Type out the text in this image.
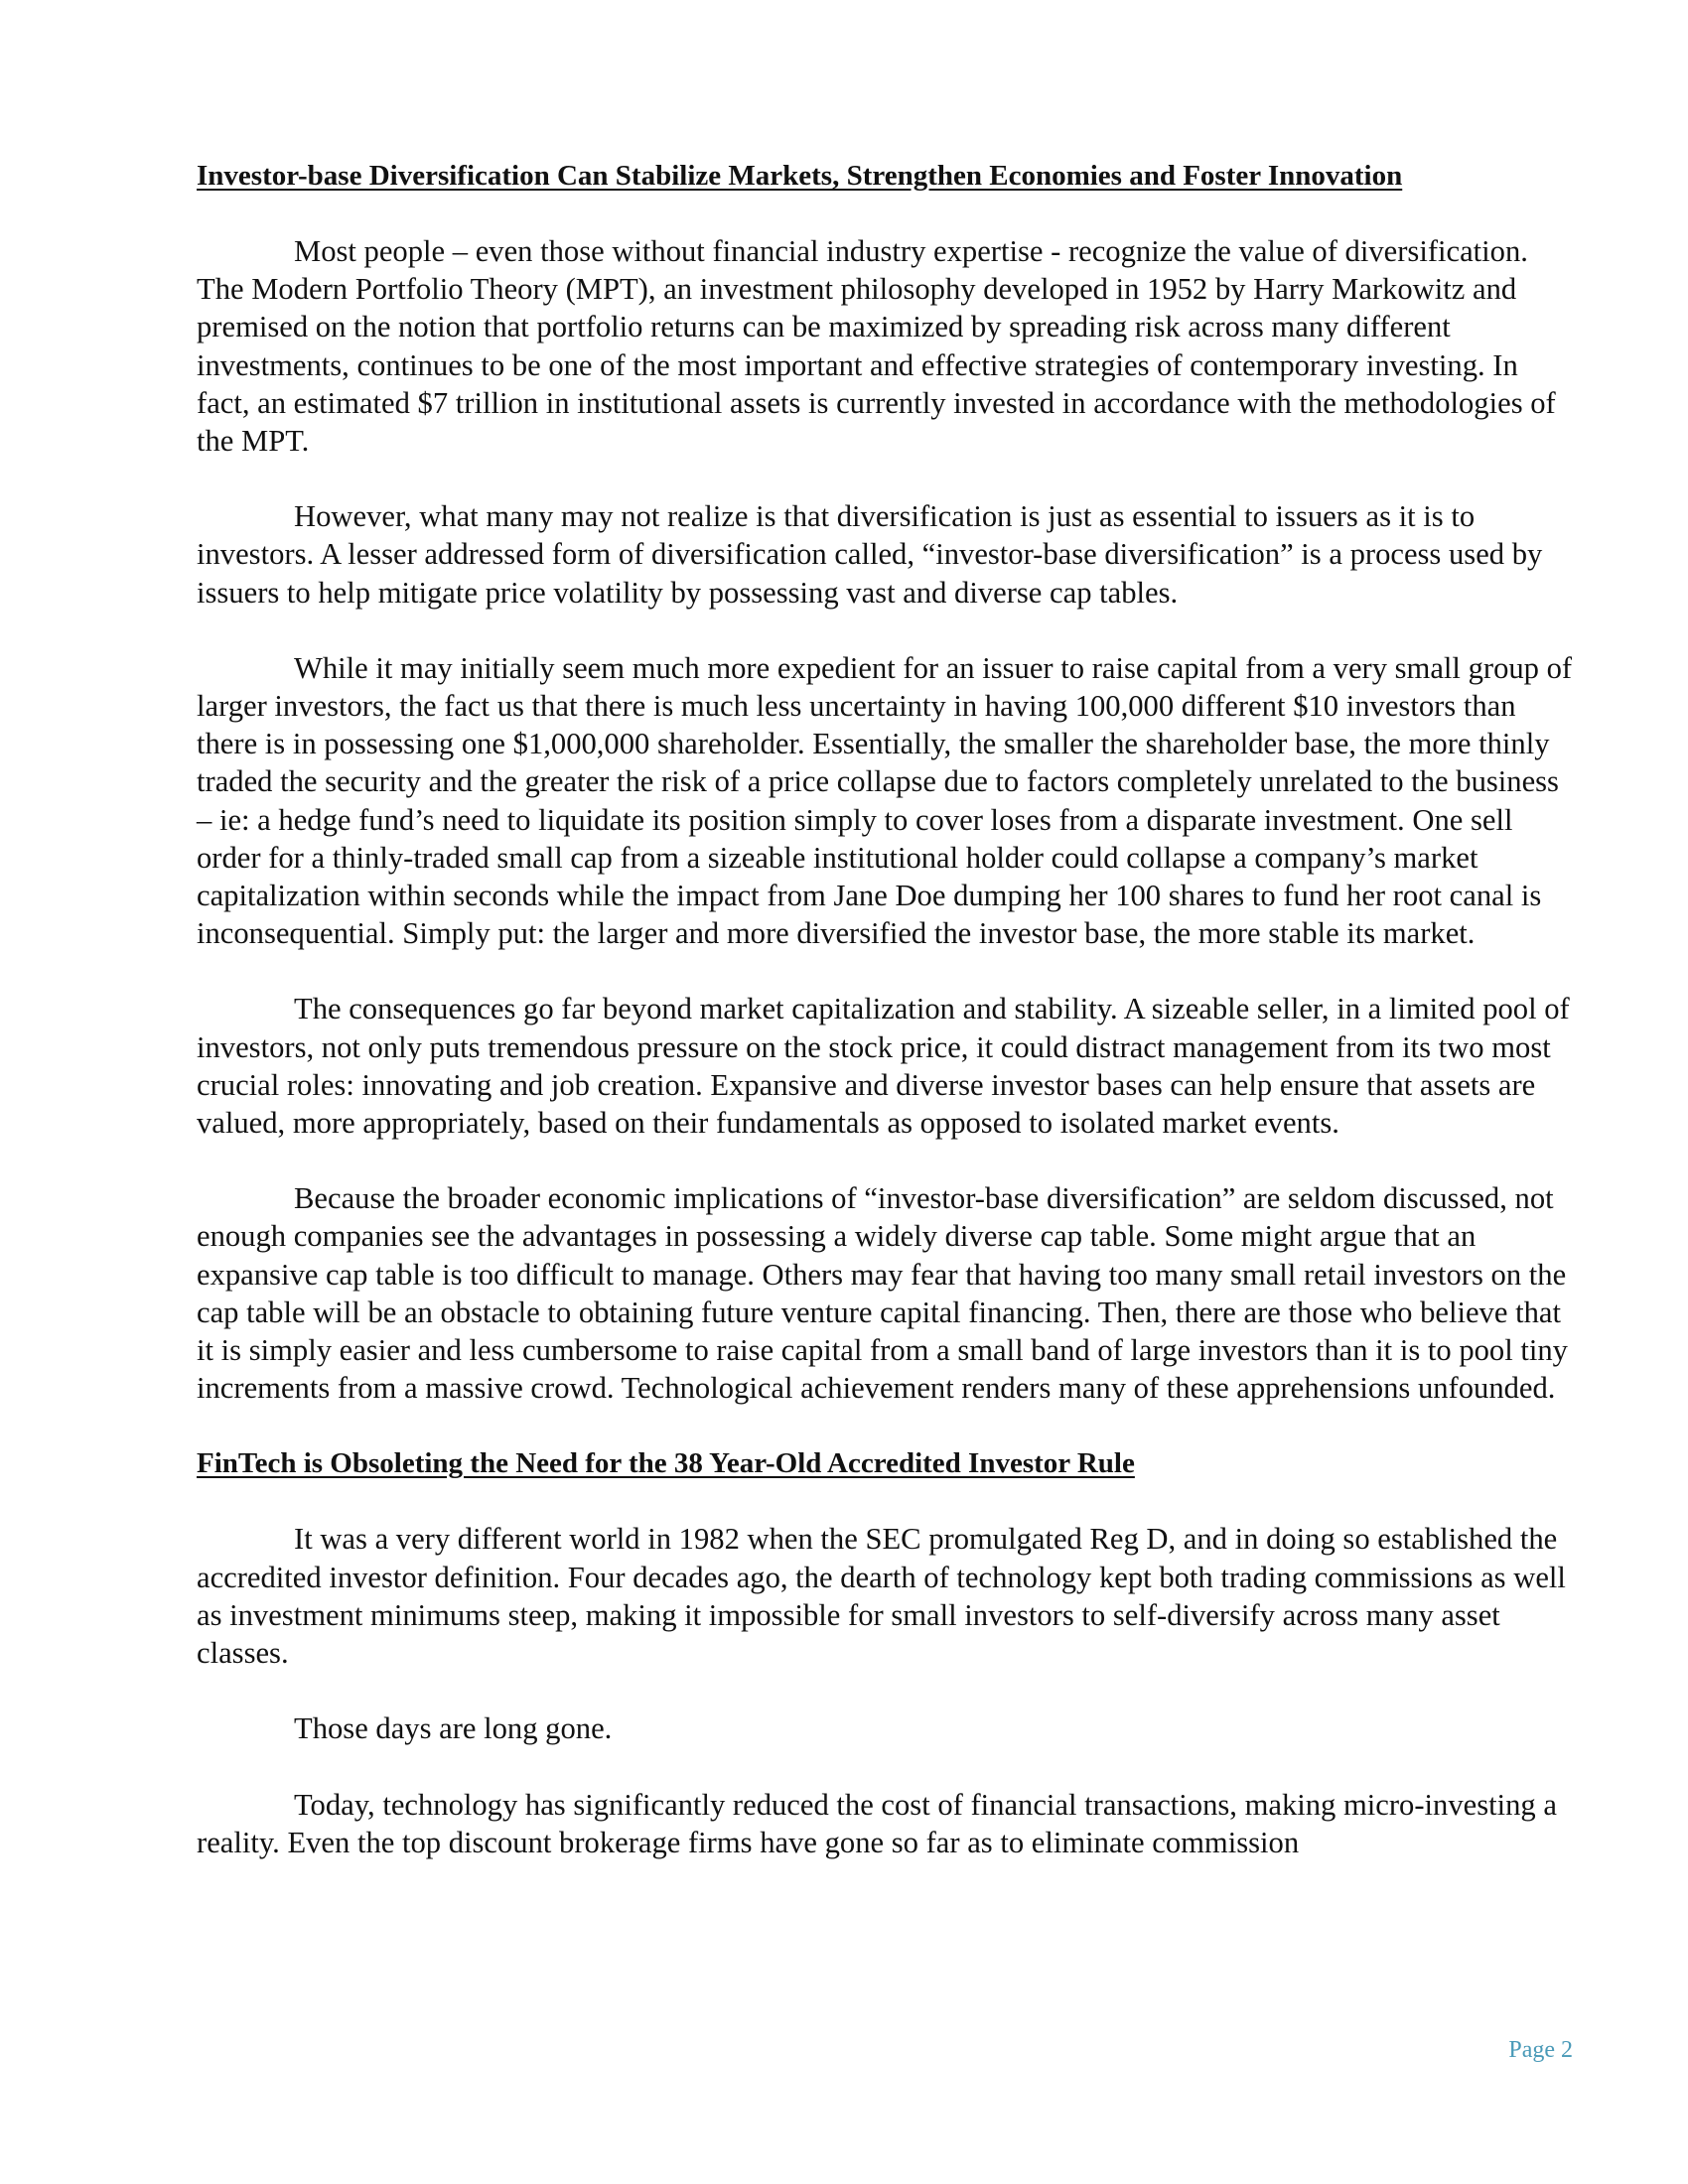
Investor-base Diversification Can Stabilize Markets, Strengthen Economies and Foster Innovation

Most people – even those without financial industry expertise - recognize the value of diversification. The Modern Portfolio Theory (MPT), an investment philosophy developed in 1952 by Harry Markowitz and premised on the notion that portfolio returns can be maximized by spreading risk across many different investments, continues to be one of the most important and effective strategies of contemporary investing. In fact, an estimated $7 trillion in institutional assets is currently invested in accordance with the methodologies of the MPT.

However, what many may not realize is that diversification is just as essential to issuers as it is to investors. A lesser addressed form of diversification called, “investor-base diversification” is a process used by issuers to help mitigate price volatility by possessing vast and diverse cap tables.

While it may initially seem much more expedient for an issuer to raise capital from a very small group of larger investors, the fact us that there is much less uncertainty in having 100,000 different $10 investors than there is in possessing one $1,000,000 shareholder. Essentially, the smaller the shareholder base, the more thinly traded the security and the greater the risk of a price collapse due to factors completely unrelated to the business – ie: a hedge fund’s need to liquidate its position simply to cover loses from a disparate investment. One sell order for a thinly-traded small cap from a sizeable institutional holder could collapse a company’s market capitalization within seconds while the impact from Jane Doe dumping her 100 shares to fund her root canal is inconsequential. Simply put: the larger and more diversified the investor base, the more stable its market.

The consequences go far beyond market capitalization and stability. A sizeable seller, in a limited pool of investors, not only puts tremendous pressure on the stock price, it could distract management from its two most crucial roles: innovating and job creation. Expansive and diverse investor bases can help ensure that assets are valued, more appropriately, based on their fundamentals as opposed to isolated market events.

Because the broader economic implications of “investor-base diversification” are seldom discussed, not enough companies see the advantages in possessing a widely diverse cap table. Some might argue that an expansive cap table is too difficult to manage. Others may fear that having too many small retail investors on the cap table will be an obstacle to obtaining future venture capital financing. Then, there are those who believe that it is simply easier and less cumbersome to raise capital from a small band of large investors than it is to pool tiny increments from a massive crowd. Technological achievement renders many of these apprehensions unfounded.

FinTech is Obsoleting the Need for the 38 Year-Old Accredited Investor Rule

It was a very different world in 1982 when the SEC promulgated Reg D, and in doing so established the accredited investor definition. Four decades ago, the dearth of technology kept both trading commissions as well as investment minimums steep, making it impossible for small investors to self-diversify across many asset classes.

Those days are long gone.

Today, technology has significantly reduced the cost of financial transactions, making micro-investing a reality. Even the top discount brokerage firms have gone so far as to eliminate commission

Page 2
